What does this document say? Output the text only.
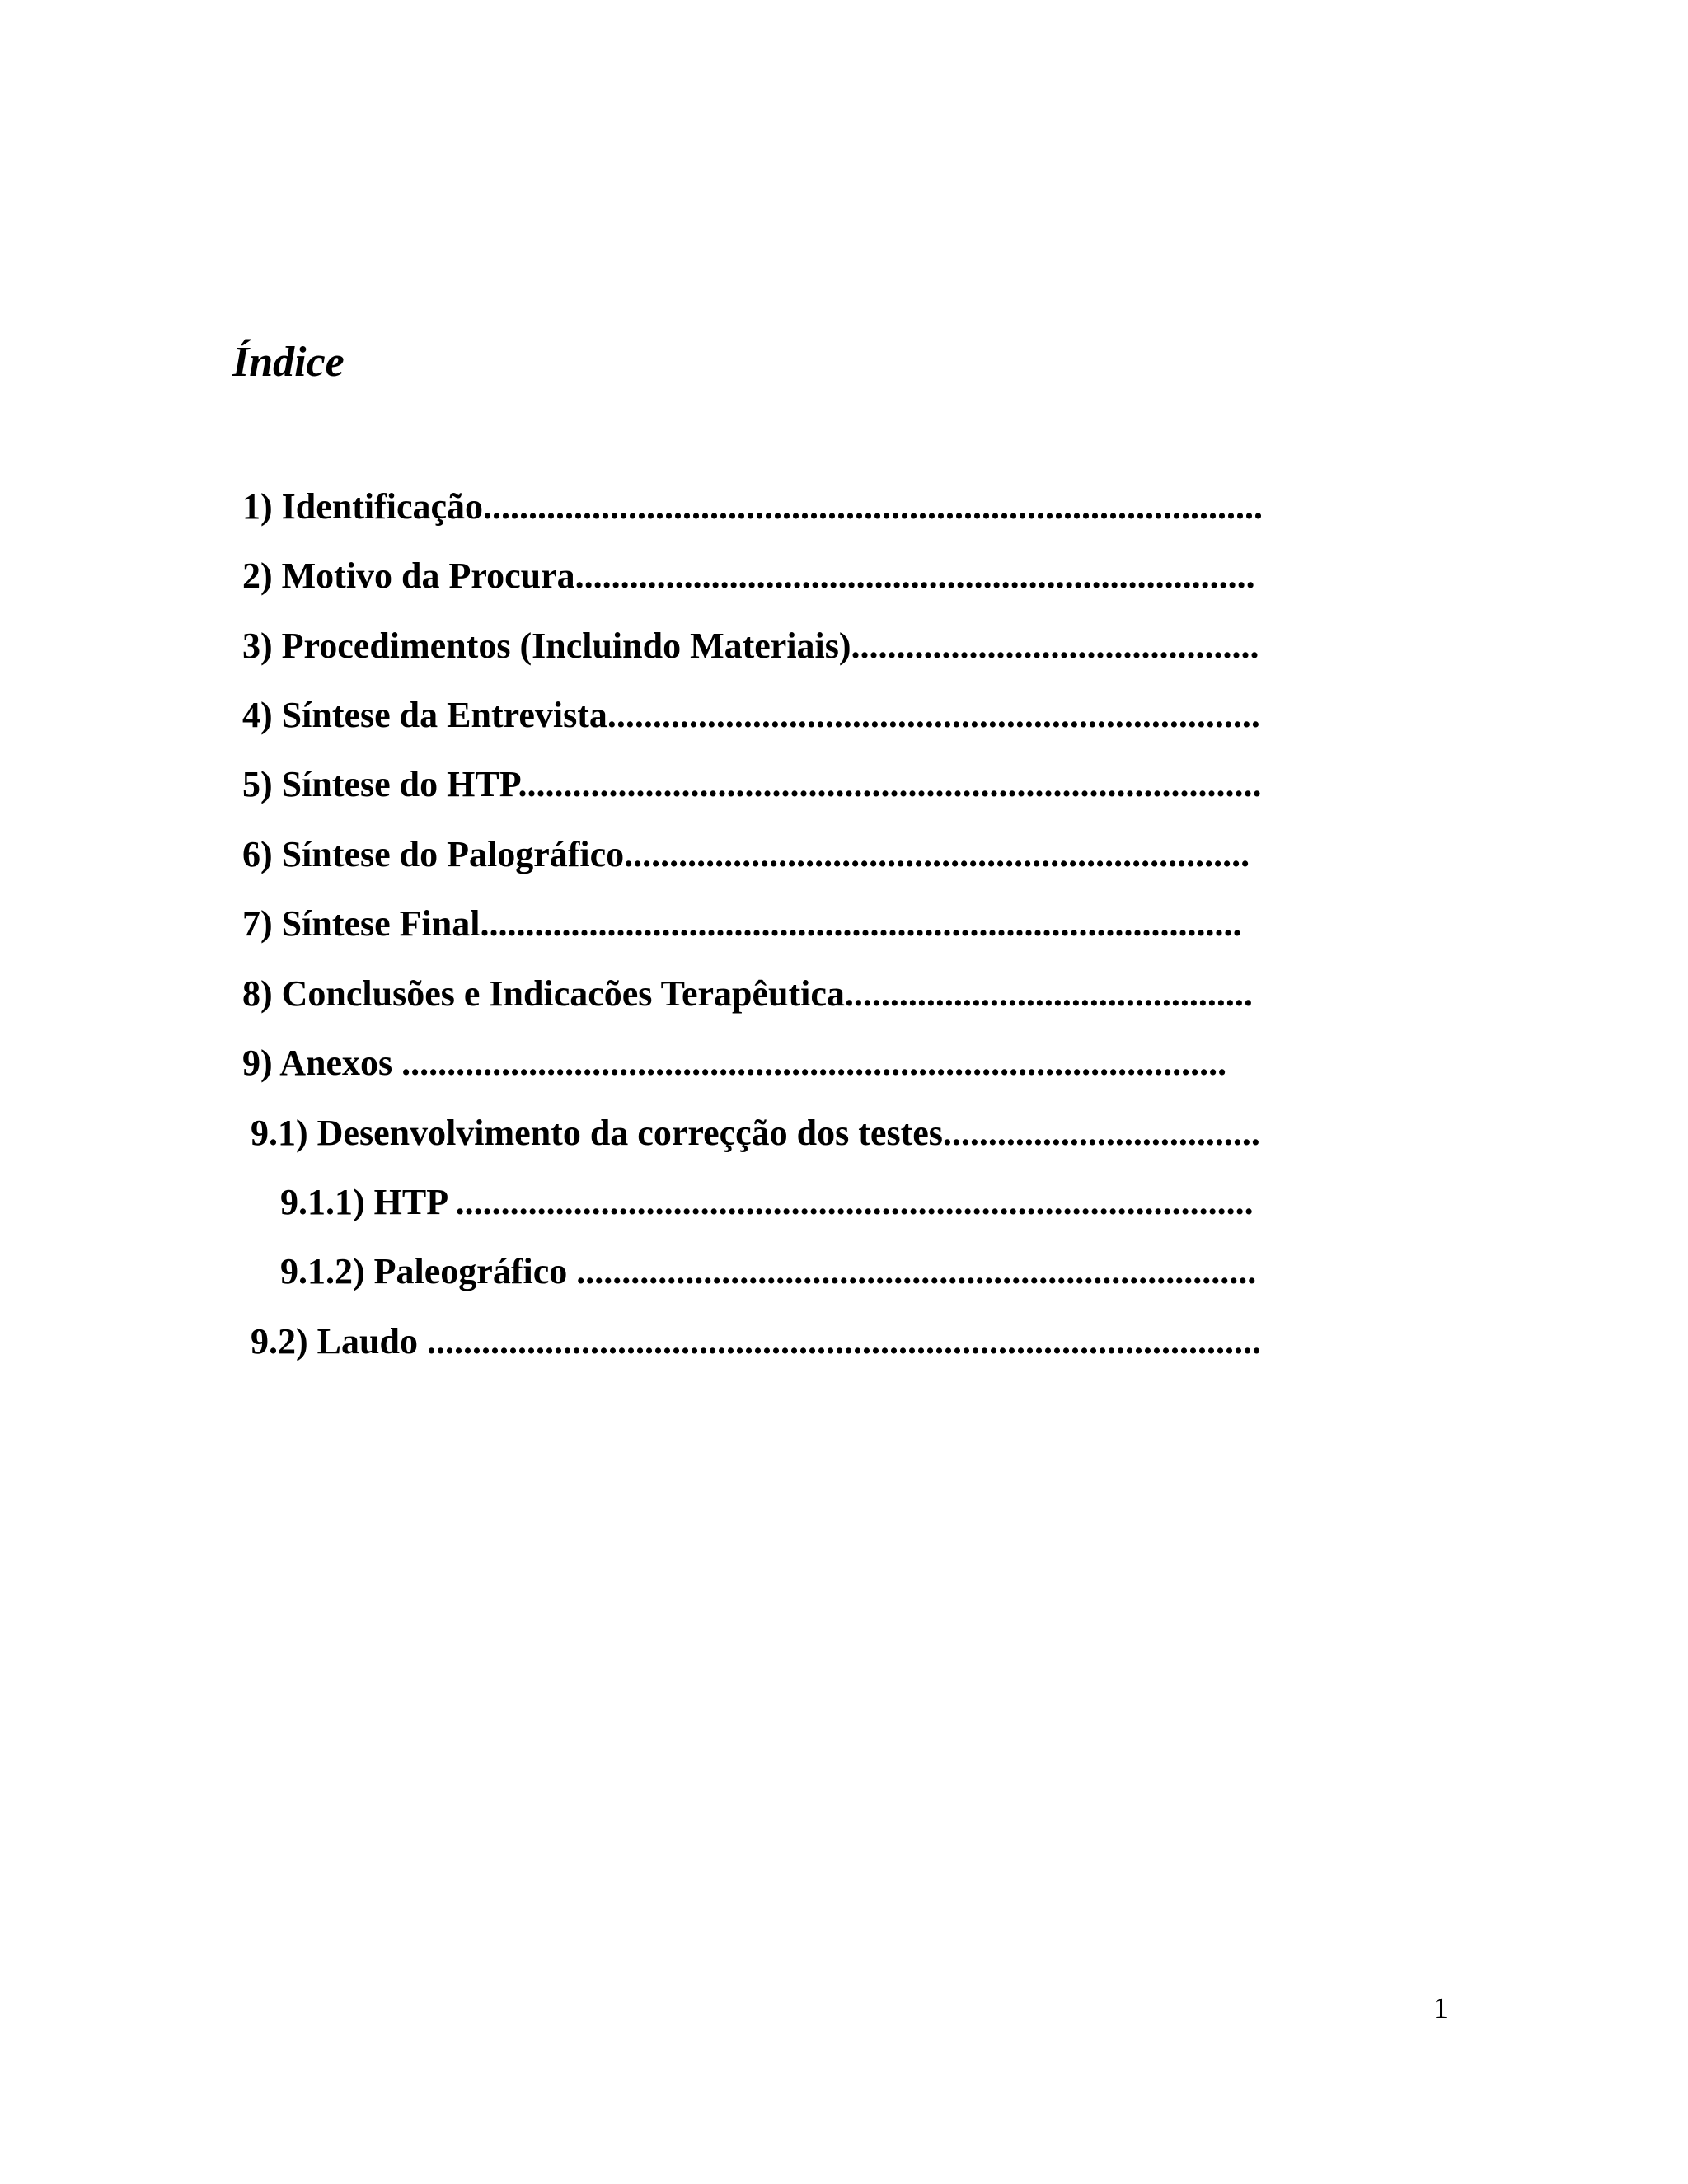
Índice
1) Identificação......................................................................................
2) Motivo da Procura...........................................................................
3) Procedimentos (Incluindo Materiais).............................................
4) Síntese da Entrevista........................................................................
5) Síntese do HTP..................................................................................
6) Síntese do Palográfico.....................................................................
7) Síntese Final....................................................................................
8) Conclusões e Indicacões Terapêutica.............................................
9) Anexos ...........................................................................................
9.1) Desenvolvimento da correçção dos testes...................................
9.1.1) HTP ........................................................................................
9.1.2) Paleográfico ...........................................................................
9.2) Laudo ............................................................................................

1
